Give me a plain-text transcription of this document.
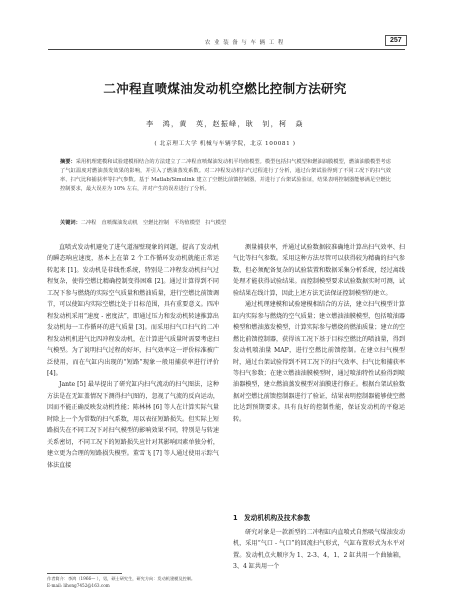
农 业 装 备 与 车 辆 工 程	257
二冲程直喷煤油发动机空燃比控制方法研究
李　鸿，黄　英，赵振峰，耿　钊，柯　焱
( 北京理工大学 机械与车辆学院，北京 100081 )
摘要：采用机理建模和试验建模相结合的方法建立了二冲程直喷煤油发动机平均值模型。模型包括扫气模型和燃油油膜模型，燃油油膜模型考虑了气缸温度对燃油蒸发效果的影响，并引入了燃油蒸发系数。对二冲程发动机扫气过程进行了分析，通过台架试验得到了不同工况下的扫气效率、扫气比和捕获率等扫气参数。基于 Matlab/Simulink 建立了空燃比前馈控制器，并进行了台架试验验证，结果表明控制器能够满足空燃比控制要求，最大误差为 10% 左右，并对产生的误差进行了分析。
关键词：二冲程　直喷煤油发动机　空燃比控制　平均值模型　扫气模型

直喷式发动机避免了进气道湿壁现象的问题，提高了发动机的瞬态响应速度，基本上在第 2 个工作循环发动机就能正常运转起来 [1]。发动机是非线性系统，特别是二冲程发动机扫气过程复杂，使得空燃比精确控制变得困难 [2]。通过计算得到不同工况下参与燃烧的实际空气质量和燃油质量，进行空燃比前馈调节，可以使缸内实际空燃比处于目标范围，具有重要意义。四冲程发动机采用“速度 - 密度法”，即通过压力和发动机转速推算出发动机每一工作循环的进气质量 [3]。而采用扫气口扫气的二冲程发动机机进气比四冲程发动机，在计算进气质量时需要考虑扫气模型。为了说明扫气过程的好坏，扫气效率这一评价标准被广泛使用，而在气缸内出现的“短路”现象一般用捕获率进行评价 [4]。

Jante [5] 最早提出了研究缸内扫气流动的扫气图法，这种方法是在无缸盖情况下测得扫气图的，忽视了气流的反向运动，因而不能正确反映发动机性能；陈林林 [6] 等人在计算实际气量时除上一个为常数的扫气系数，用以表征短路损失。但实际上短路损失在不同工况下对扫气模型的影响效果不同，特别是与转速关系密切，不同工况下的短路损失应针对其影响因素单独分析，建立更为合理的短路损失模型。董雪飞 [7] 等人通过使用示踪气体法直接

测量捕获率，并通过试验数据较准确地计算出扫气效率、扫气比等扫气参数。采用这种方法尽管可以获得较为精确的扫气参数，但必须配备复杂的试验装置和数据采集分析系统，经过离线处理才能获得试验结果。而控制模型要求试验数据实时可测，试验结果在线计算，因此上述方法无法保证控制模型的建立。

通过机理建模和试验建模相结合的方法，建立扫气模型计算缸内实际参与燃烧的空气质量；建立燃油油膜模型，包括喷油器模型和燃油蒸发模型，计算实际参与燃烧的燃油质量；建立的空燃比前馈控制器，获得该工况下基于目标空燃比的喷油量，得到发动机喷油量 MAP，进行空燃比前馈控制。在建立扫气模型时，通过台架试验得到不同工况下的扫气效率、扫气比和捕获率等扫气参数；在建立燃油油膜模型时，通过喷油特性试验得到喷油器模型，建立燃油蒸发模型对油膜进行修正。根据台架试验数据对空燃比前馈控制器进行了验证，结果表明控制器能够使空燃比达到预期要求。具有良好的控制性能，保证发动机的平稳运转。

1　发动机机构及技术参数

研究对象是一款新型的二冲程缸内直喷式自然吸气煤油发动机，采用“气口 - 气口”的回流扫气形式，气缸布置形式为水平对置。发动机点火顺序为 1、2-3、4，1、2 缸共用一个曲轴箱，3、4 缸共用一个

作者简介：李鸿（1966— ），男，硕士研究生，研究方向：发动机建模及控制。
E-mail: lihong7452@163.com
